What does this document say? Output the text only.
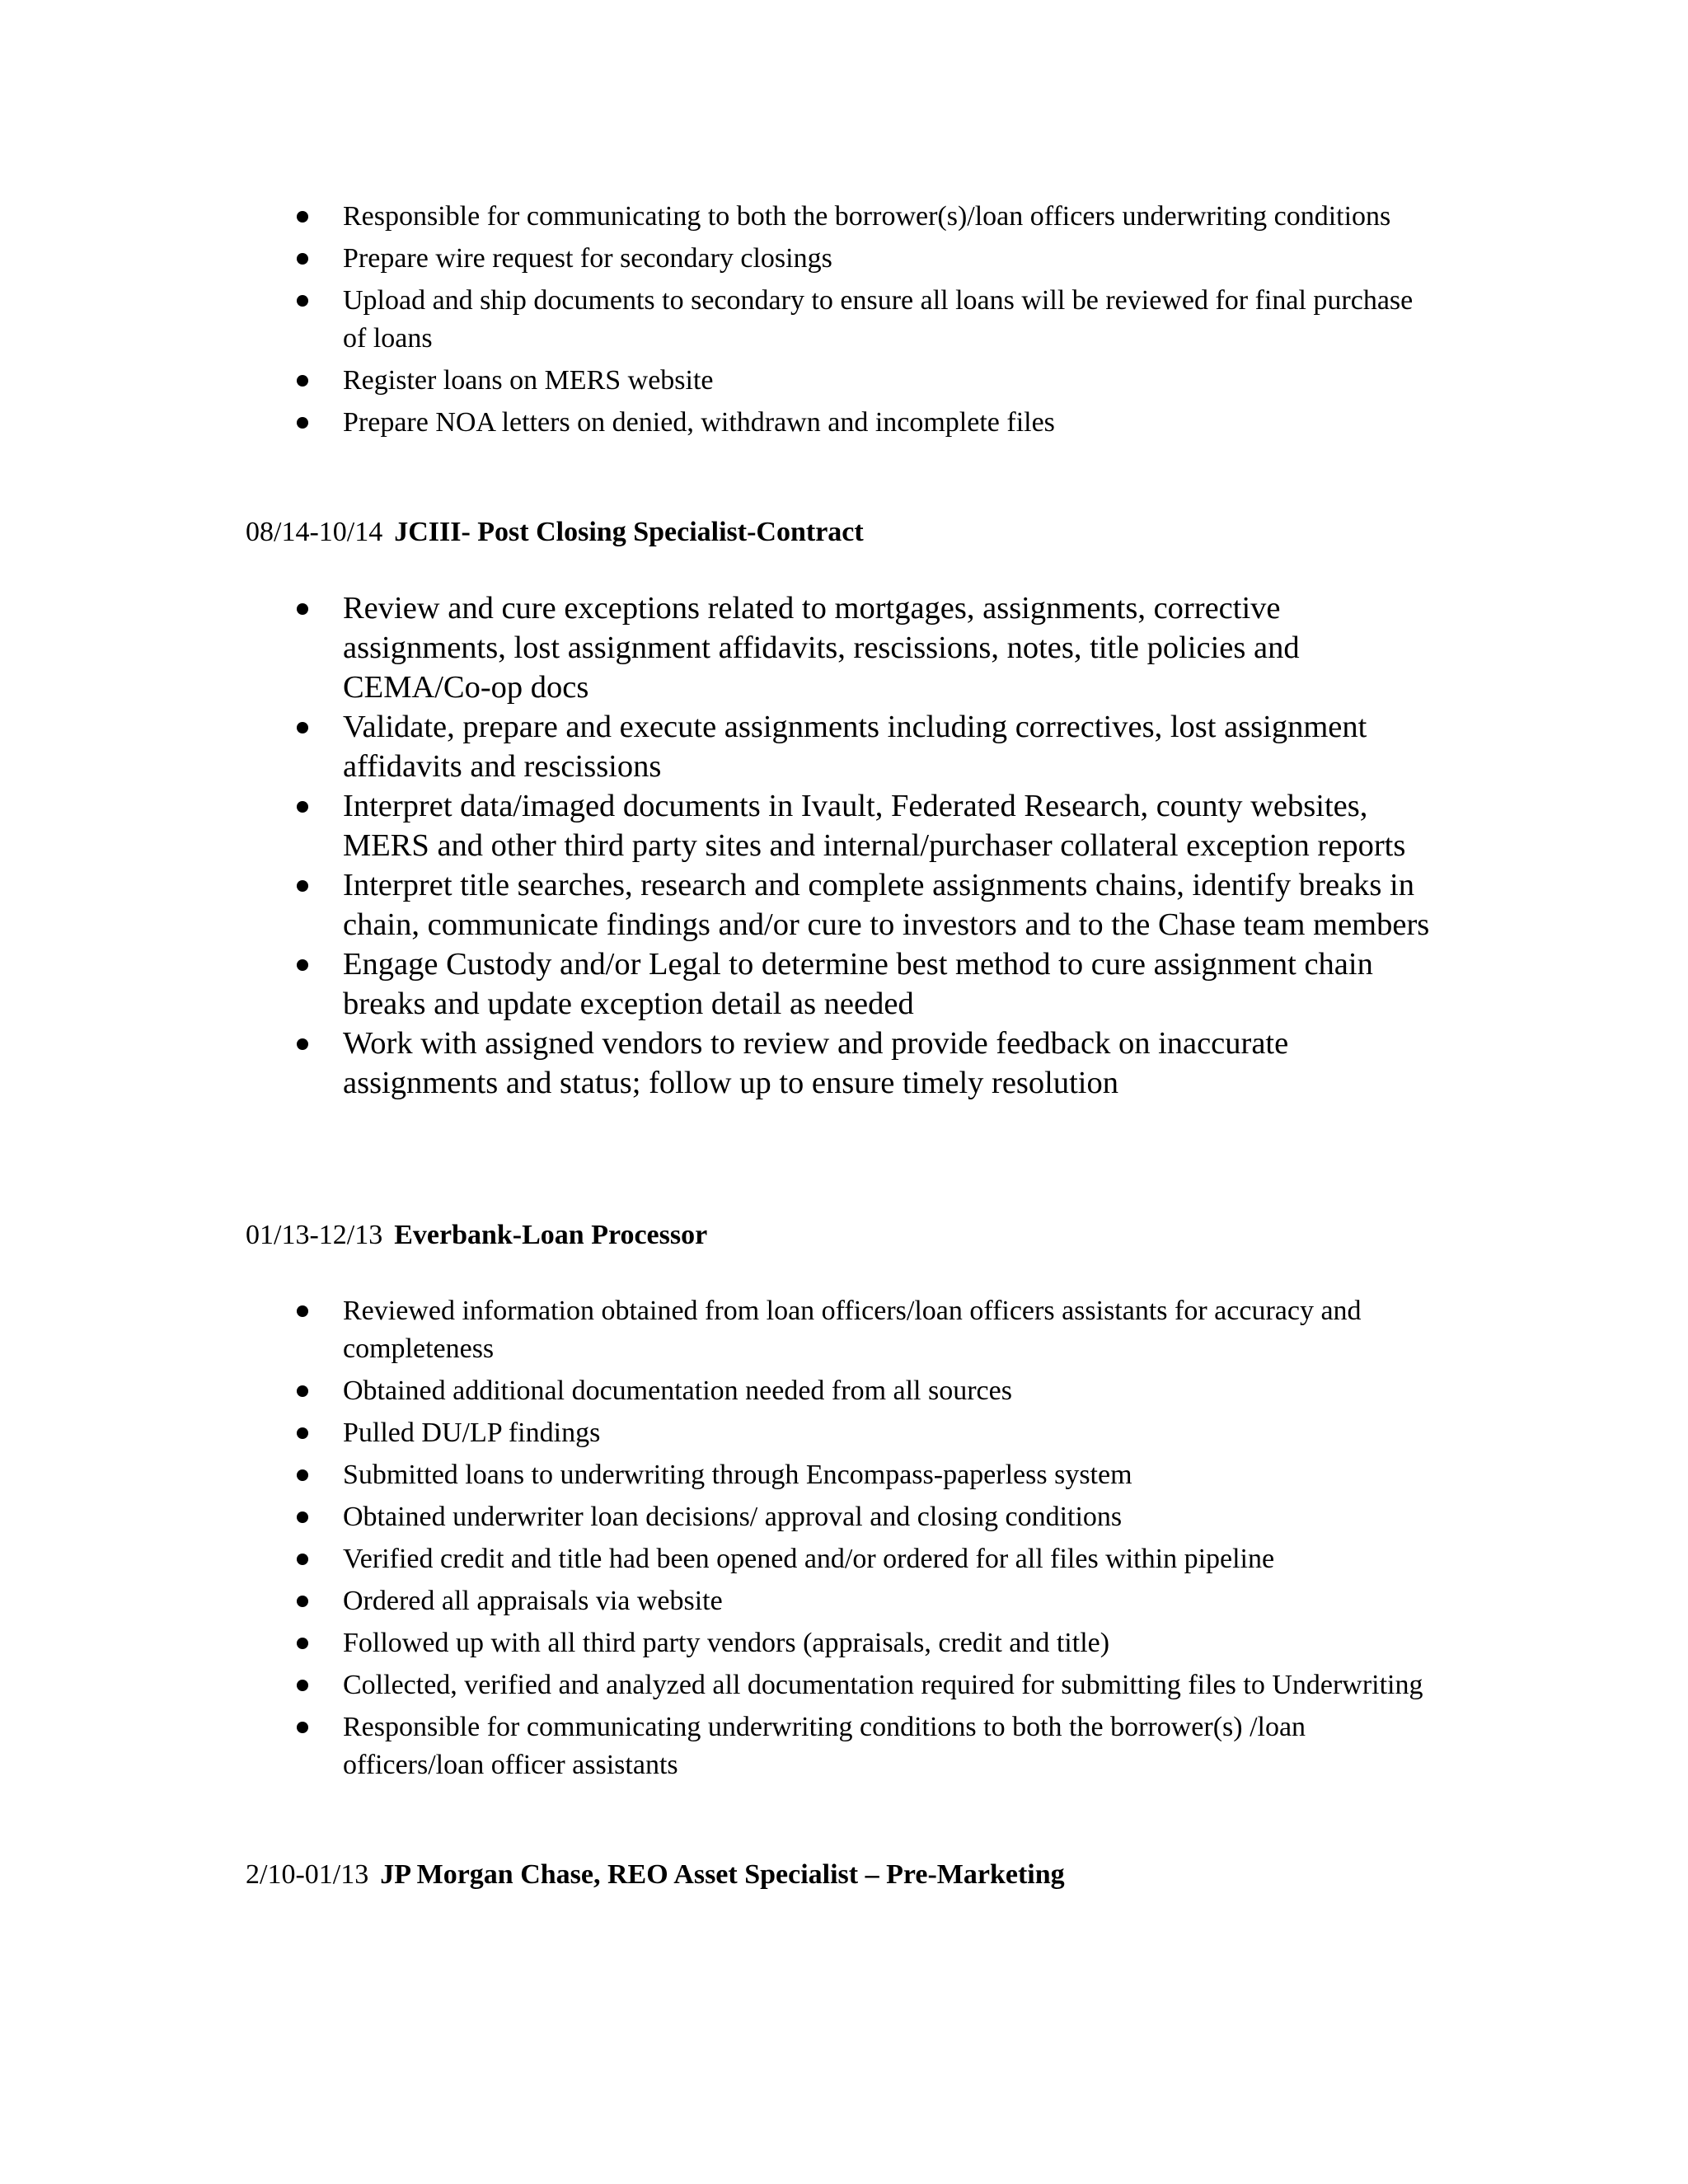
Responsible for communicating to both the borrower(s)/loan officers underwriting conditions
Prepare wire request for secondary closings
Upload and ship documents to secondary to ensure all loans will be reviewed for final purchase of loans
Register loans on MERS website
Prepare NOA letters on denied, withdrawn and incomplete files
08/14-10/14 JCIII- Post Closing Specialist-Contract
Review and cure exceptions related to mortgages, assignments, corrective assignments, lost assignment affidavits, rescissions, notes, title policies and CEMA/Co-op docs
Validate, prepare and execute assignments including correctives, lost assignment affidavits and rescissions
Interpret data/imaged documents in Ivault, Federated Research, county websites, MERS and other third party sites and internal/purchaser collateral exception reports
Interpret title searches, research and complete assignments chains, identify breaks in chain, communicate findings and/or cure to investors and to the Chase team members
Engage Custody and/or Legal to determine best method to cure assignment chain breaks and update exception detail as needed
Work with assigned vendors to review and provide feedback on inaccurate assignments and status; follow up to ensure timely resolution
01/13-12/13 Everbank-Loan Processor
Reviewed information obtained from loan officers/loan officers assistants for accuracy and completeness
Obtained additional documentation needed from all sources
Pulled DU/LP findings
Submitted loans to underwriting through Encompass-paperless system
Obtained underwriter loan decisions/ approval and closing conditions
Verified credit and title had been opened and/or ordered for all files within pipeline
Ordered all appraisals via website
Followed up with all third party vendors (appraisals, credit and title)
Collected, verified and analyzed all documentation required for submitting files to Underwriting
Responsible for communicating underwriting conditions to both the borrower(s) /loan officers/loan officer assistants
2/10-01/13 JP Morgan Chase, REO Asset Specialist – Pre-Marketing
